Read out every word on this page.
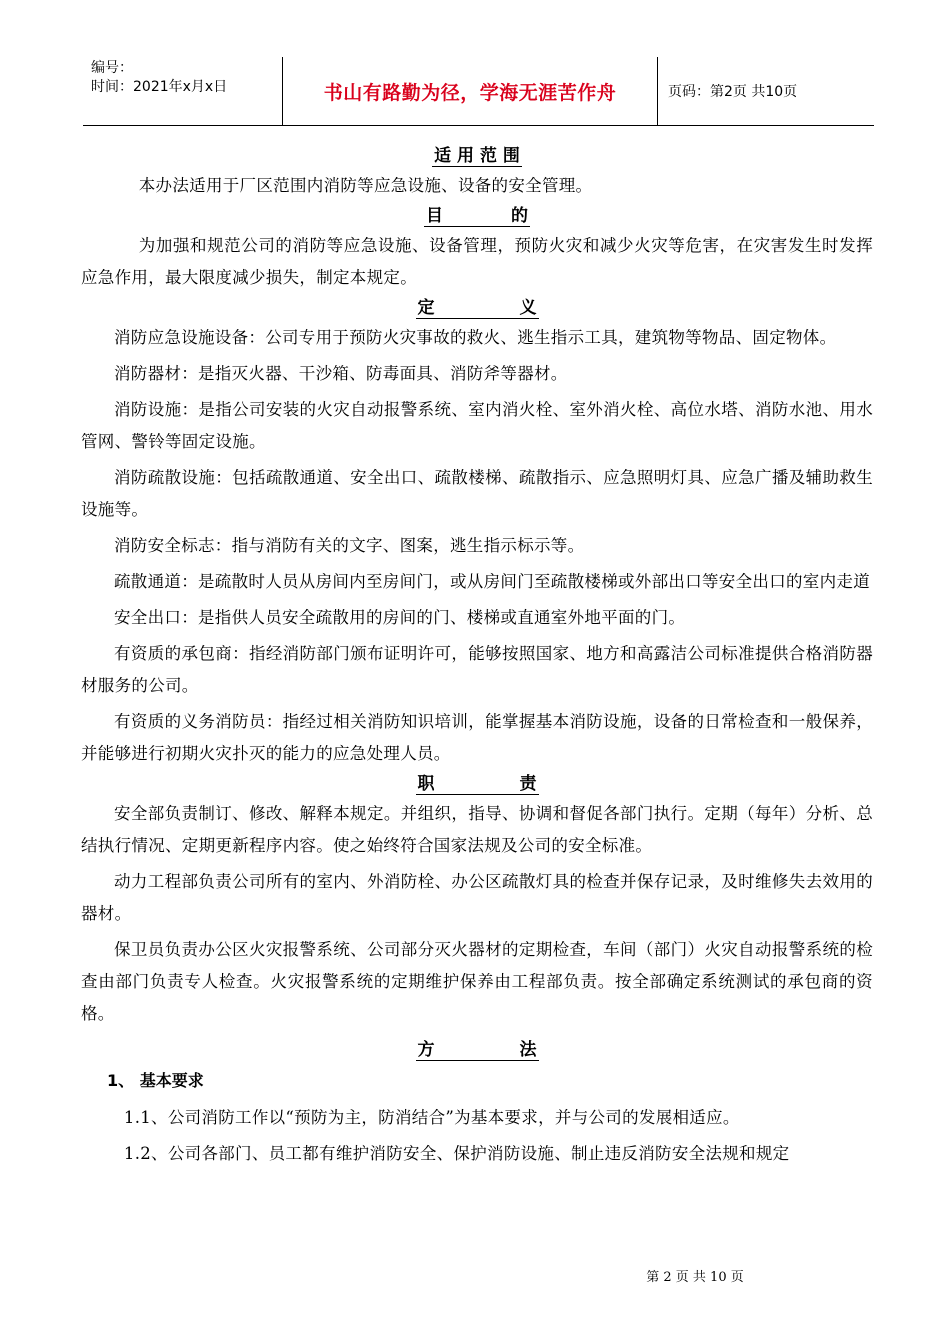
编号：
时间：2021年x月x日	书山有路勤为径，学海无涯苦作舟	页码：第2页 共10页
适 用 范 围

本办法适用于厂区范围内消防等应急设施、设备的安全管理。

目　　　　的

为加强和规范公司的消防等应急设施、设备管理，预防火灾和减少火灾等危害，在灾害发生时发挥应急作用，最大限度减少损失，制定本规定。

定　　　　　义

消防应急设施设备：公司专用于预防火灾事故的救火、逃生指示工具，建筑物等物品、固定物体。

消防器材：是指灭火器、干沙箱、防毒面具、消防斧等器材。

消防设施：是指公司安装的火灾自动报警系统、室内消火栓、室外消火栓、高位水塔、消防水池、用水管网、警铃等固定设施。

消防疏散设施：包括疏散通道、安全出口、疏散楼梯、疏散指示、应急照明灯具、应急广播及辅助救生设施等。

消防安全标志：指与消防有关的文字、图案，逃生指示标示等。

疏散通道：是疏散时人员从房间内至房间门，或从房间门至疏散楼梯或外部出口等安全出口的室内走道

安全出口：是指供人员安全疏散用的房间的门、楼梯或直通室外地平面的门。

有资质的承包商：指经消防部门颁布证明许可，能够按照国家、地方和高露洁公司标准提供合格消防器材服务的公司。

有资质的义务消防员：指经过相关消防知识培训，能掌握基本消防设施，设备的日常检查和一般保养，并能够进行初期火灾扑灭的能力的应急处理人员。

职　　　　　责

安全部负责制订、修改、解释本规定。并组织，指导、协调和督促各部门执行。定期（每年）分析、总结执行情况、定期更新程序内容。使之始终符合国家法规及公司的安全标准。

动力工程部负责公司所有的室内、外消防栓、办公区疏散灯具的检查并保存记录，及时维修失去效用的器材。

保卫员负责办公区火灾报警系统、公司部分灭火器材的定期检查，车间（部门）火灾自动报警系统的检查由部门负责专人检查。火灾报警系统的定期维护保养由工程部负责。按全部确定系统测试的承包商的资格。

方　　　　　法
1、 基本要求

1.1、公司消防工作以“预防为主，防消结合”为基本要求，并与公司的发展相适应。

1.2、公司各部门、员工都有维护消防安全、保护消防设施、制止违反消防安全法规和规定

第 2 页 共 10 页
